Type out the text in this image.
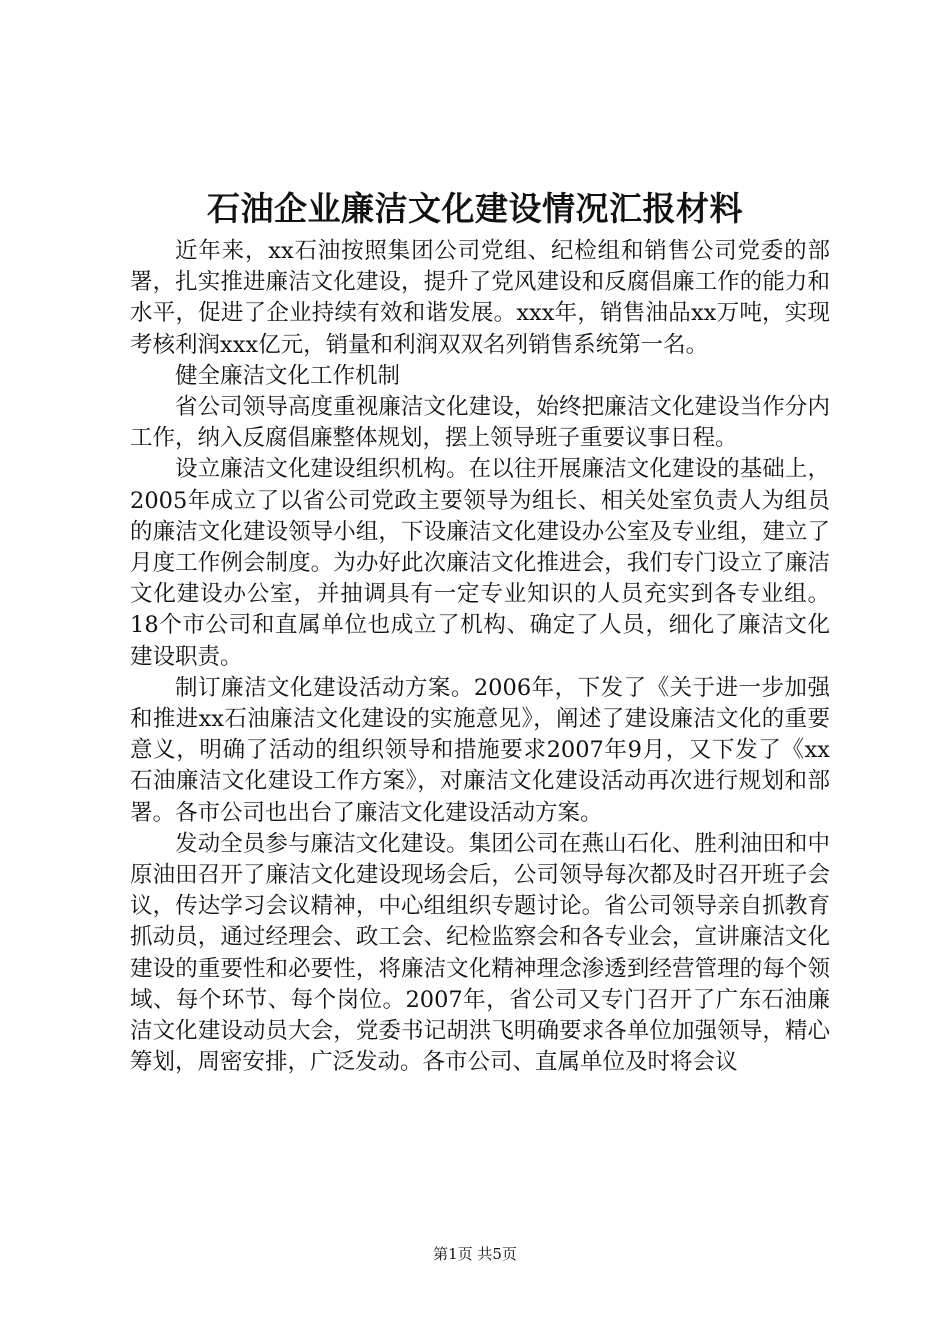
石油企业廉洁文化建设情况汇报材料

近年来，xx石油按照集团公司党组、纪检组和销售公司党委的部署，扎实推进廉洁文化建设，提升了党风建设和反腐倡廉工作的能力和水平，促进了企业持续有效和谐发展。xxx年，销售油品xx万吨，实现考核利润xxx亿元，销量和利润双双名列销售系统第一名。

健全廉洁文化工作机制

省公司领导高度重视廉洁文化建设，始终把廉洁文化建设当作分内工作，纳入反腐倡廉整体规划，摆上领导班子重要议事日程。

设立廉洁文化建设组织机构。在以往开展廉洁文化建设的基础上，2005年成立了以省公司党政主要领导为组长、相关处室负责人为组员的廉洁文化建设领导小组，下设廉洁文化建设办公室及专业组，建立了月度工作例会制度。为办好此次廉洁文化推进会，我们专门设立了廉洁文化建设办公室，并抽调具有一定专业知识的人员充实到各专业组。18个市公司和直属单位也成立了机构、确定了人员，细化了廉洁文化建设职责。

制订廉洁文化建设活动方案。2006年，下发了《关于进一步加强和推进xx石油廉洁文化建设的实施意见》，阐述了建设廉洁文化的重要意义，明确了活动的组织领导和措施要求2007年9月，又下发了《xx石油廉洁文化建设工作方案》，对廉洁文化建设活动再次进行规划和部署。各市公司也出台了廉洁文化建设活动方案。

发动全员参与廉洁文化建设。集团公司在燕山石化、胜利油田和中原油田召开了廉洁文化建设现场会后，公司领导每次都及时召开班子会议，传达学习会议精神，中心组组织专题讨论。省公司领导亲自抓教育抓动员，通过经理会、政工会、纪检监察会和各专业会，宣讲廉洁文化建设的重要性和必要性，将廉洁文化精神理念渗透到经营管理的每个领域、每个环节、每个岗位。2007年，省公司又专门召开了广东石油廉洁文化建设动员大会，党委书记胡洪飞明确要求各单位加强领导，精心筹划，周密安排，广泛发动。各市公司、直属单位及时将会议

第1页 共5页
